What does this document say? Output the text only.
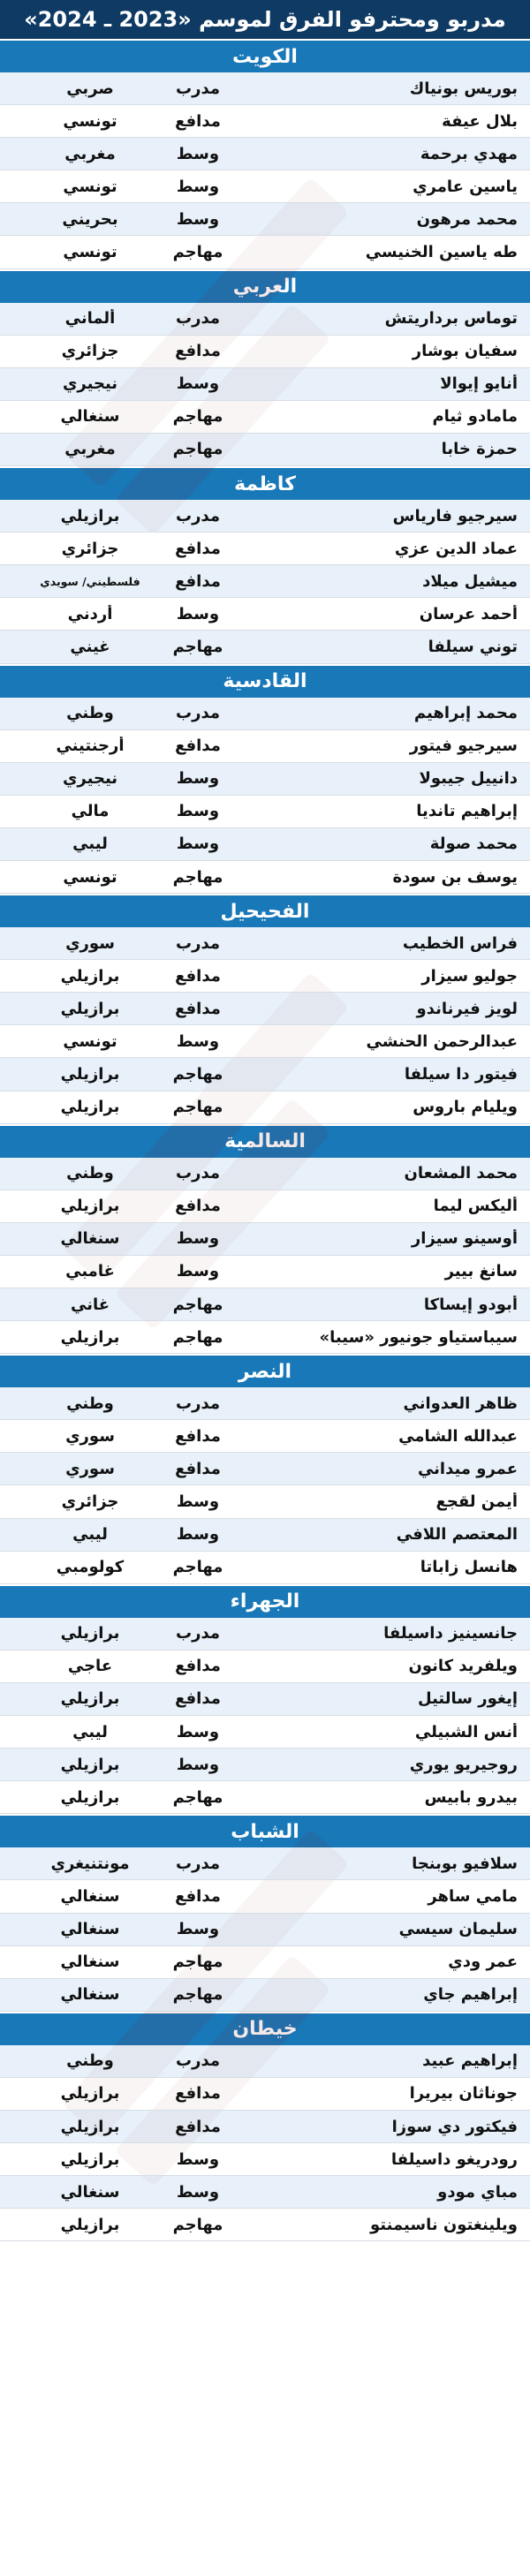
مدربو ومحترفو الفرق لموسم «2023 ـ 2024»
الكويت
بوريس بونياك
مدرب
صربي
بلال عيفة
مدافع
تونسي
مهدي برحمة
وسط
مغربي
ياسين عامري
وسط
تونسي
محمد مرهون
وسط
بحريني
طه ياسين الخنيسي
مهاجم
تونسي
العربي
توماس برداريتش
مدرب
ألماني
سفيان بوشار
مدافع
جزائري
أنايو إيوالا
وسط
نيجيري
مامادو ثيام
مهاجم
سنغالي
حمزة خابا
مهاجم
مغربي
كاظمة
سيرجيو فارياس
مدرب
برازيلي
عماد الدين عزي
مدافع
جزائري
ميشيل ميلاد
مدافع
فلسطيني/ سويدي
أحمد عرسان
وسط
أردني
توني سيلفا
مهاجم
غيني
القادسية
محمد إبراهيم
مدرب
وطني
سيرجيو فيتور
مدافع
أرجنتيني
دانييل جيبولا
وسط
نيجيري
إبراهيم تانديا
وسط
مالي
محمد صولة
وسط
ليبي
يوسف بن سودة
مهاجم
تونسي
الفحيحيل
فراس الخطيب
مدرب
سوري
جوليو سيزار
مدافع
برازيلي
لويز فيرناندو
مدافع
برازيلي
عبدالرحمن الحنشي
وسط
تونسي
فيتور دا سيلفا
مهاجم
برازيلي
ويليام باروس
مهاجم
برازيلي
السالمية
محمد المشعان
مدرب
وطني
أليكس ليما
مدافع
برازيلي
أوسينو سيزار
وسط
سنغالي
سانغ بيير
وسط
غامبي
أبودو إيساكا
مهاجم
غاني
سيباستياو جونيور «سيبا»
مهاجم
برازيلي
النصر
ظاهر العدواني
مدرب
وطني
عبدالله الشامي
مدافع
سوري
عمرو ميداني
مدافع
سوري
أيمن لقجع
وسط
جزائري
المعتصم اللافي
وسط
ليبي
هانسل زاباتا
مهاجم
كولومبي
الجهراء
جانسينيز داسيلفا
مدرب
برازيلي
ويلفريد كانون
مدافع
عاجي
إيغور سالتيل
مدافع
برازيلي
أنس الشبيلي
وسط
ليبي
روجيريو يوري
وسط
برازيلي
بيدرو بابيس
مهاجم
برازيلي
الشباب
سلافيو بوبنجا
مدرب
مونتنيغري
مامي ساهر
مدافع
سنغالي
سليمان سيسي
وسط
سنغالي
عمر ودي
مهاجم
سنغالي
إبراهيم جاي
مهاجم
سنغالي
خيطان
إبراهيم عبيد
مدرب
وطني
جوناثان بيريرا
مدافع
برازيلي
فيكتور دي سوزا
مدافع
برازيلي
رودريغو داسيلفا
وسط
برازيلي
مباي مودو
وسط
سنغالي
ويلينغتون ناسيمنتو
مهاجم
برازيلي
